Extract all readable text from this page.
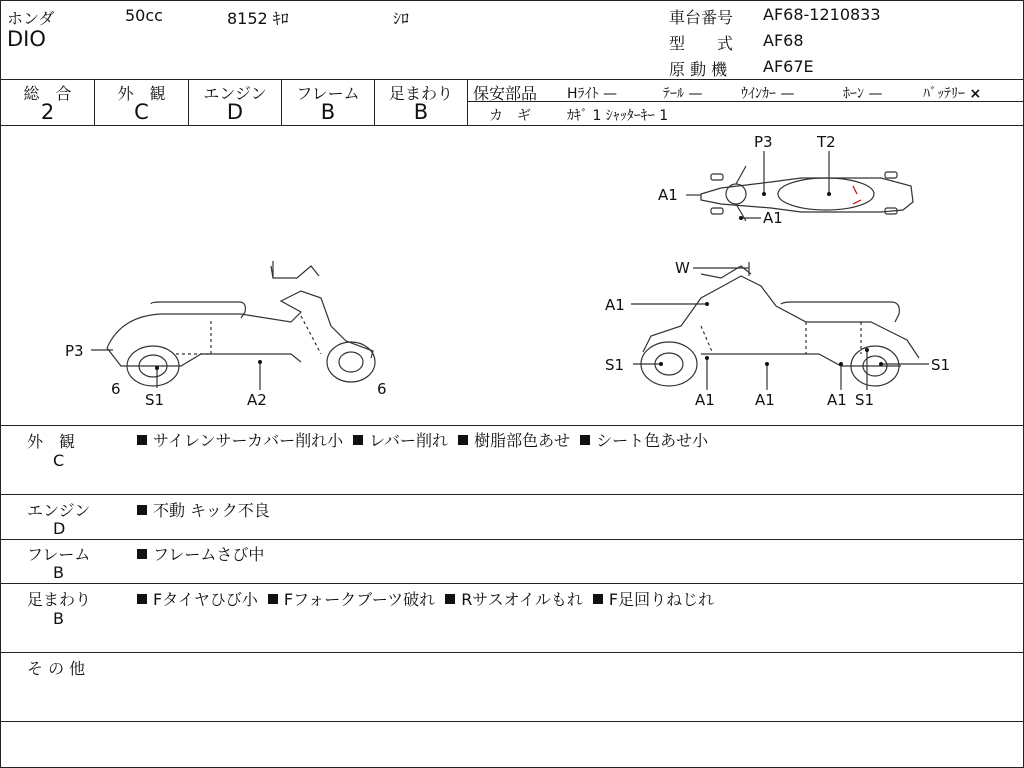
ホンダ	50cc	8152 ｷﾛ	ｼﾛ
DIO
車台番号 AF68-1210833
型　　式 AF68
原 動 機 AF67E
総　合
2
外　観
C
エンジン
D
フレーム
B
足まわり
B
保安部品 Hﾗｲﾄ —	ﾃｰﾙ —	ｳｲﾝｶｰ —	ﾎｰﾝ —	ﾊﾞｯﾃﾘｰ ×
カ　ギ	ｶｷﾞ 1 ｼｬｯﾀｰｷｰ 1
P3	T2
A1
A1
P3
6
S1	A2
6
W
A1
S1
A1	A1	A1 S1
S1
外　観
C
サイレンサーカバー削れ小 レバー削れ 樹脂部色あせ シート色あせ小
エンジン
D
不動 キック不良
フレーム
B
フレームさび中
足まわり
B
Fタイヤひび小 Fフォークブーツ破れ Rサスオイルもれ F足回りねじれ
そ の 他
